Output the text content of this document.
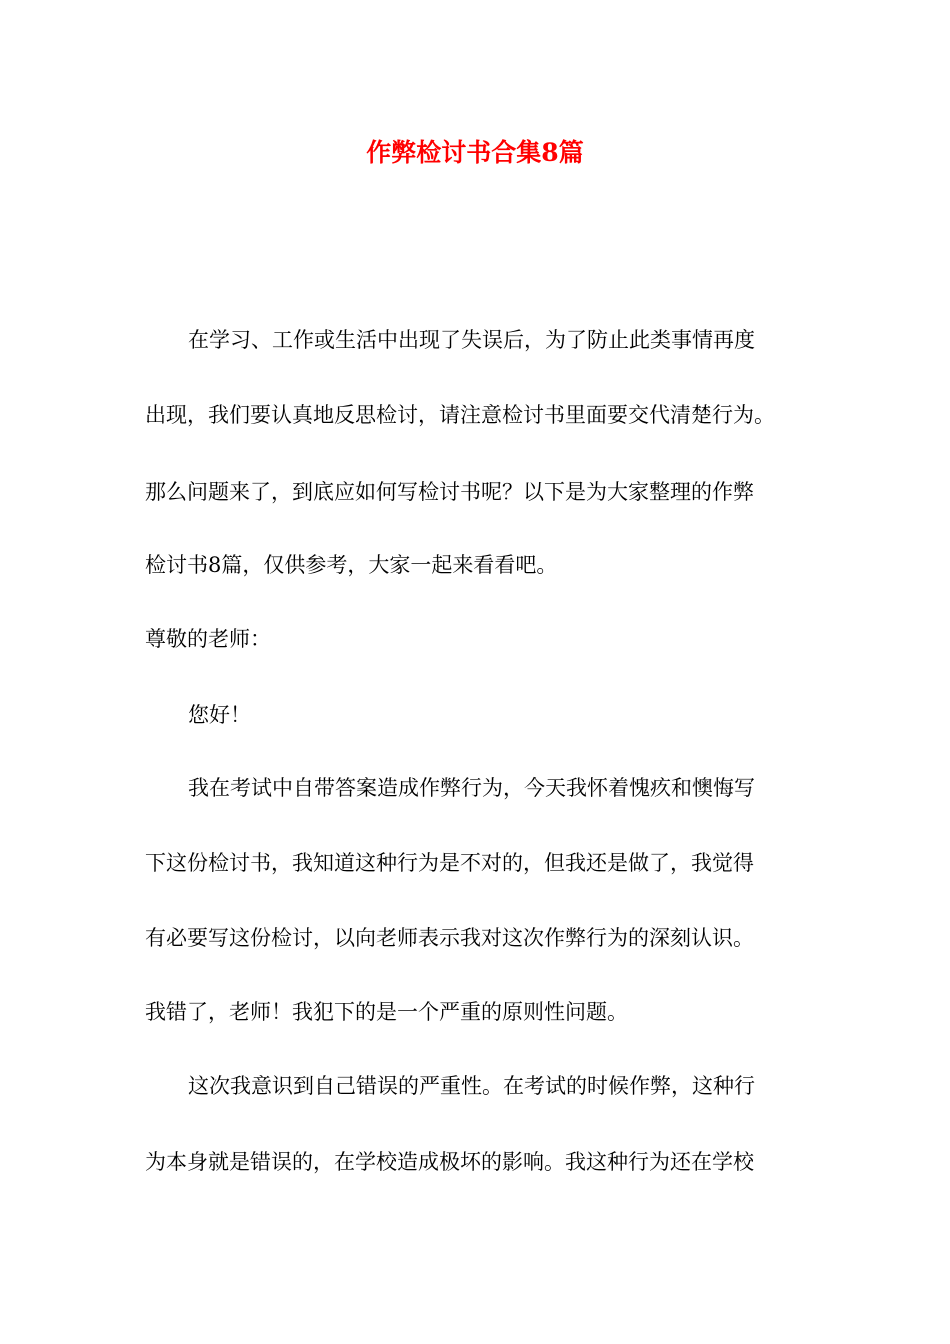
作弊检讨书合集8篇
在学习、工作或生活中出现了失误后，为了防止此类事情再度
出现，我们要认真地反思检讨，请注意检讨书里面要交代清楚行为。
那么问题来了，到底应如何写检讨书呢？以下是为大家整理的作弊
检讨书8篇，仅供参考，大家一起来看看吧。
尊敬的老师：
您好！
我在考试中自带答案造成作弊行为，今天我怀着愧疚和懊悔写
下这份检讨书，我知道这种行为是不对的，但我还是做了，我觉得
有必要写这份检讨，以向老师表示我对这次作弊行为的深刻认识。
我错了，老师！我犯下的是一个严重的原则性问题。
这次我意识到自己错误的严重性。在考试的时候作弊，这种行
为本身就是错误的，在学校造成极坏的影响。我这种行为还在学校
